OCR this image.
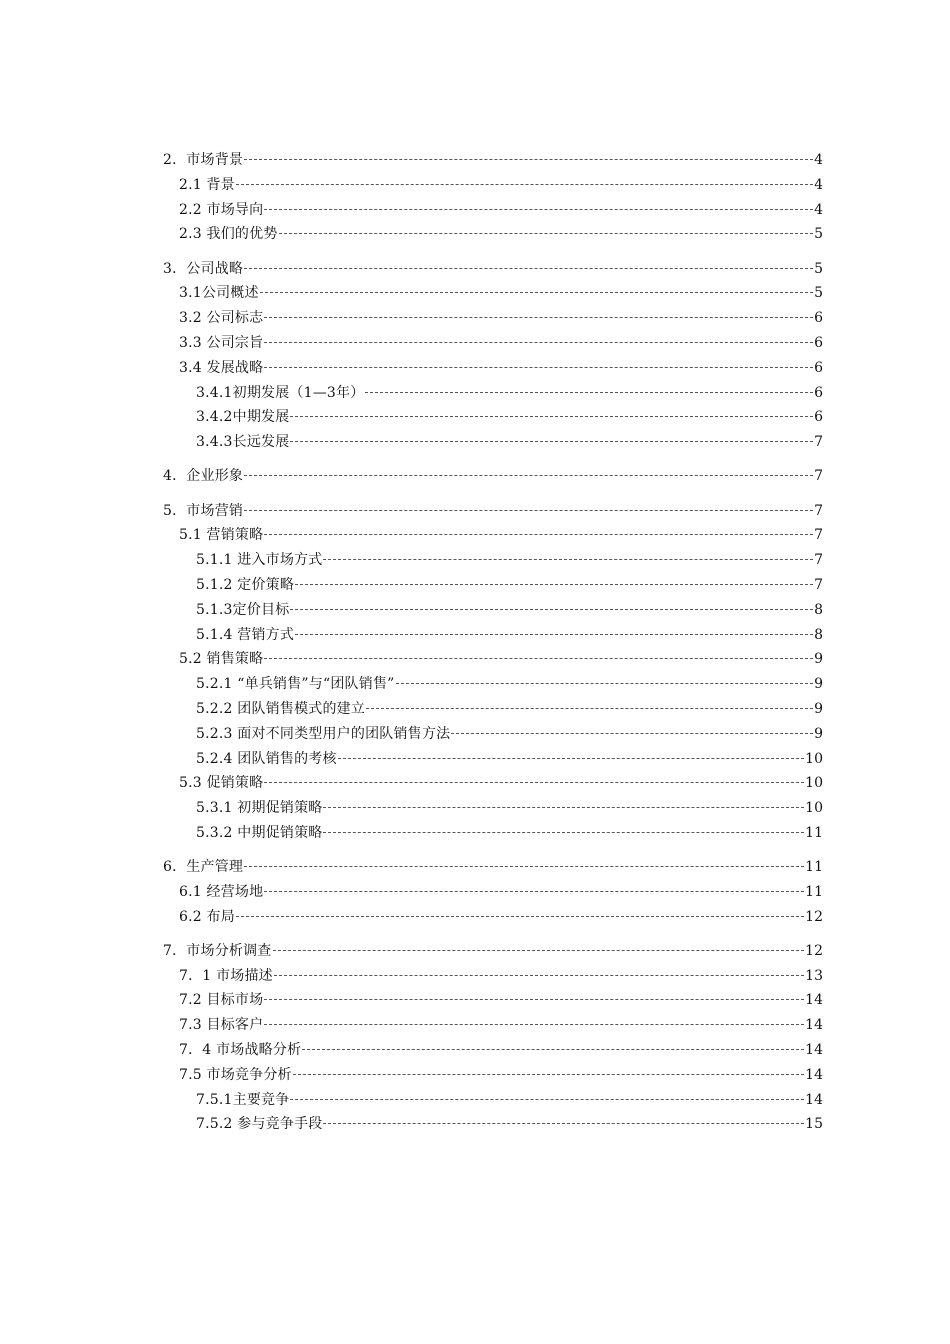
2．市场背景	4
2.1 背景	4
2.2 市场导向	4
2.3 我们的优势	5
3．公司战略	5
3.1公司概述	5
3.2 公司标志	6
3.3 公司宗旨	6
3.4 发展战略	6
3.4.1初期发展（1—3年）	6
3.4.2中期发展	6
3.4.3长远发展	7
4．企业形象	7
5．市场营销	7
5.1 营销策略	7
5.1.1 进入市场方式	7
5.1.2 定价策略	7
5.1.3定价目标	8
5.1.4 营销方式	8
5.2 销售策略	9
5.2.1 “单兵销售”与“团队销售”	9
5.2.2 团队销售模式的建立	9
5.2.3 面对不同类型用户的团队销售方法	9
5.2.4 团队销售的考核	10
5.3 促销策略	10
5.3.1 初期促销策略	10
5.3.2 中期促销策略	11
6．生产管理	11
6.1 经营场地	11
6.2 布局	12
7．市场分析调查	12
7．1 市场描述	13
7.2 目标市场	14
7.3 目标客户	14
7．4 市场战略分析	14
7.5 市场竞争分析	14
7.5.1主要竞争	14
7.5.2 参与竞争手段	15
